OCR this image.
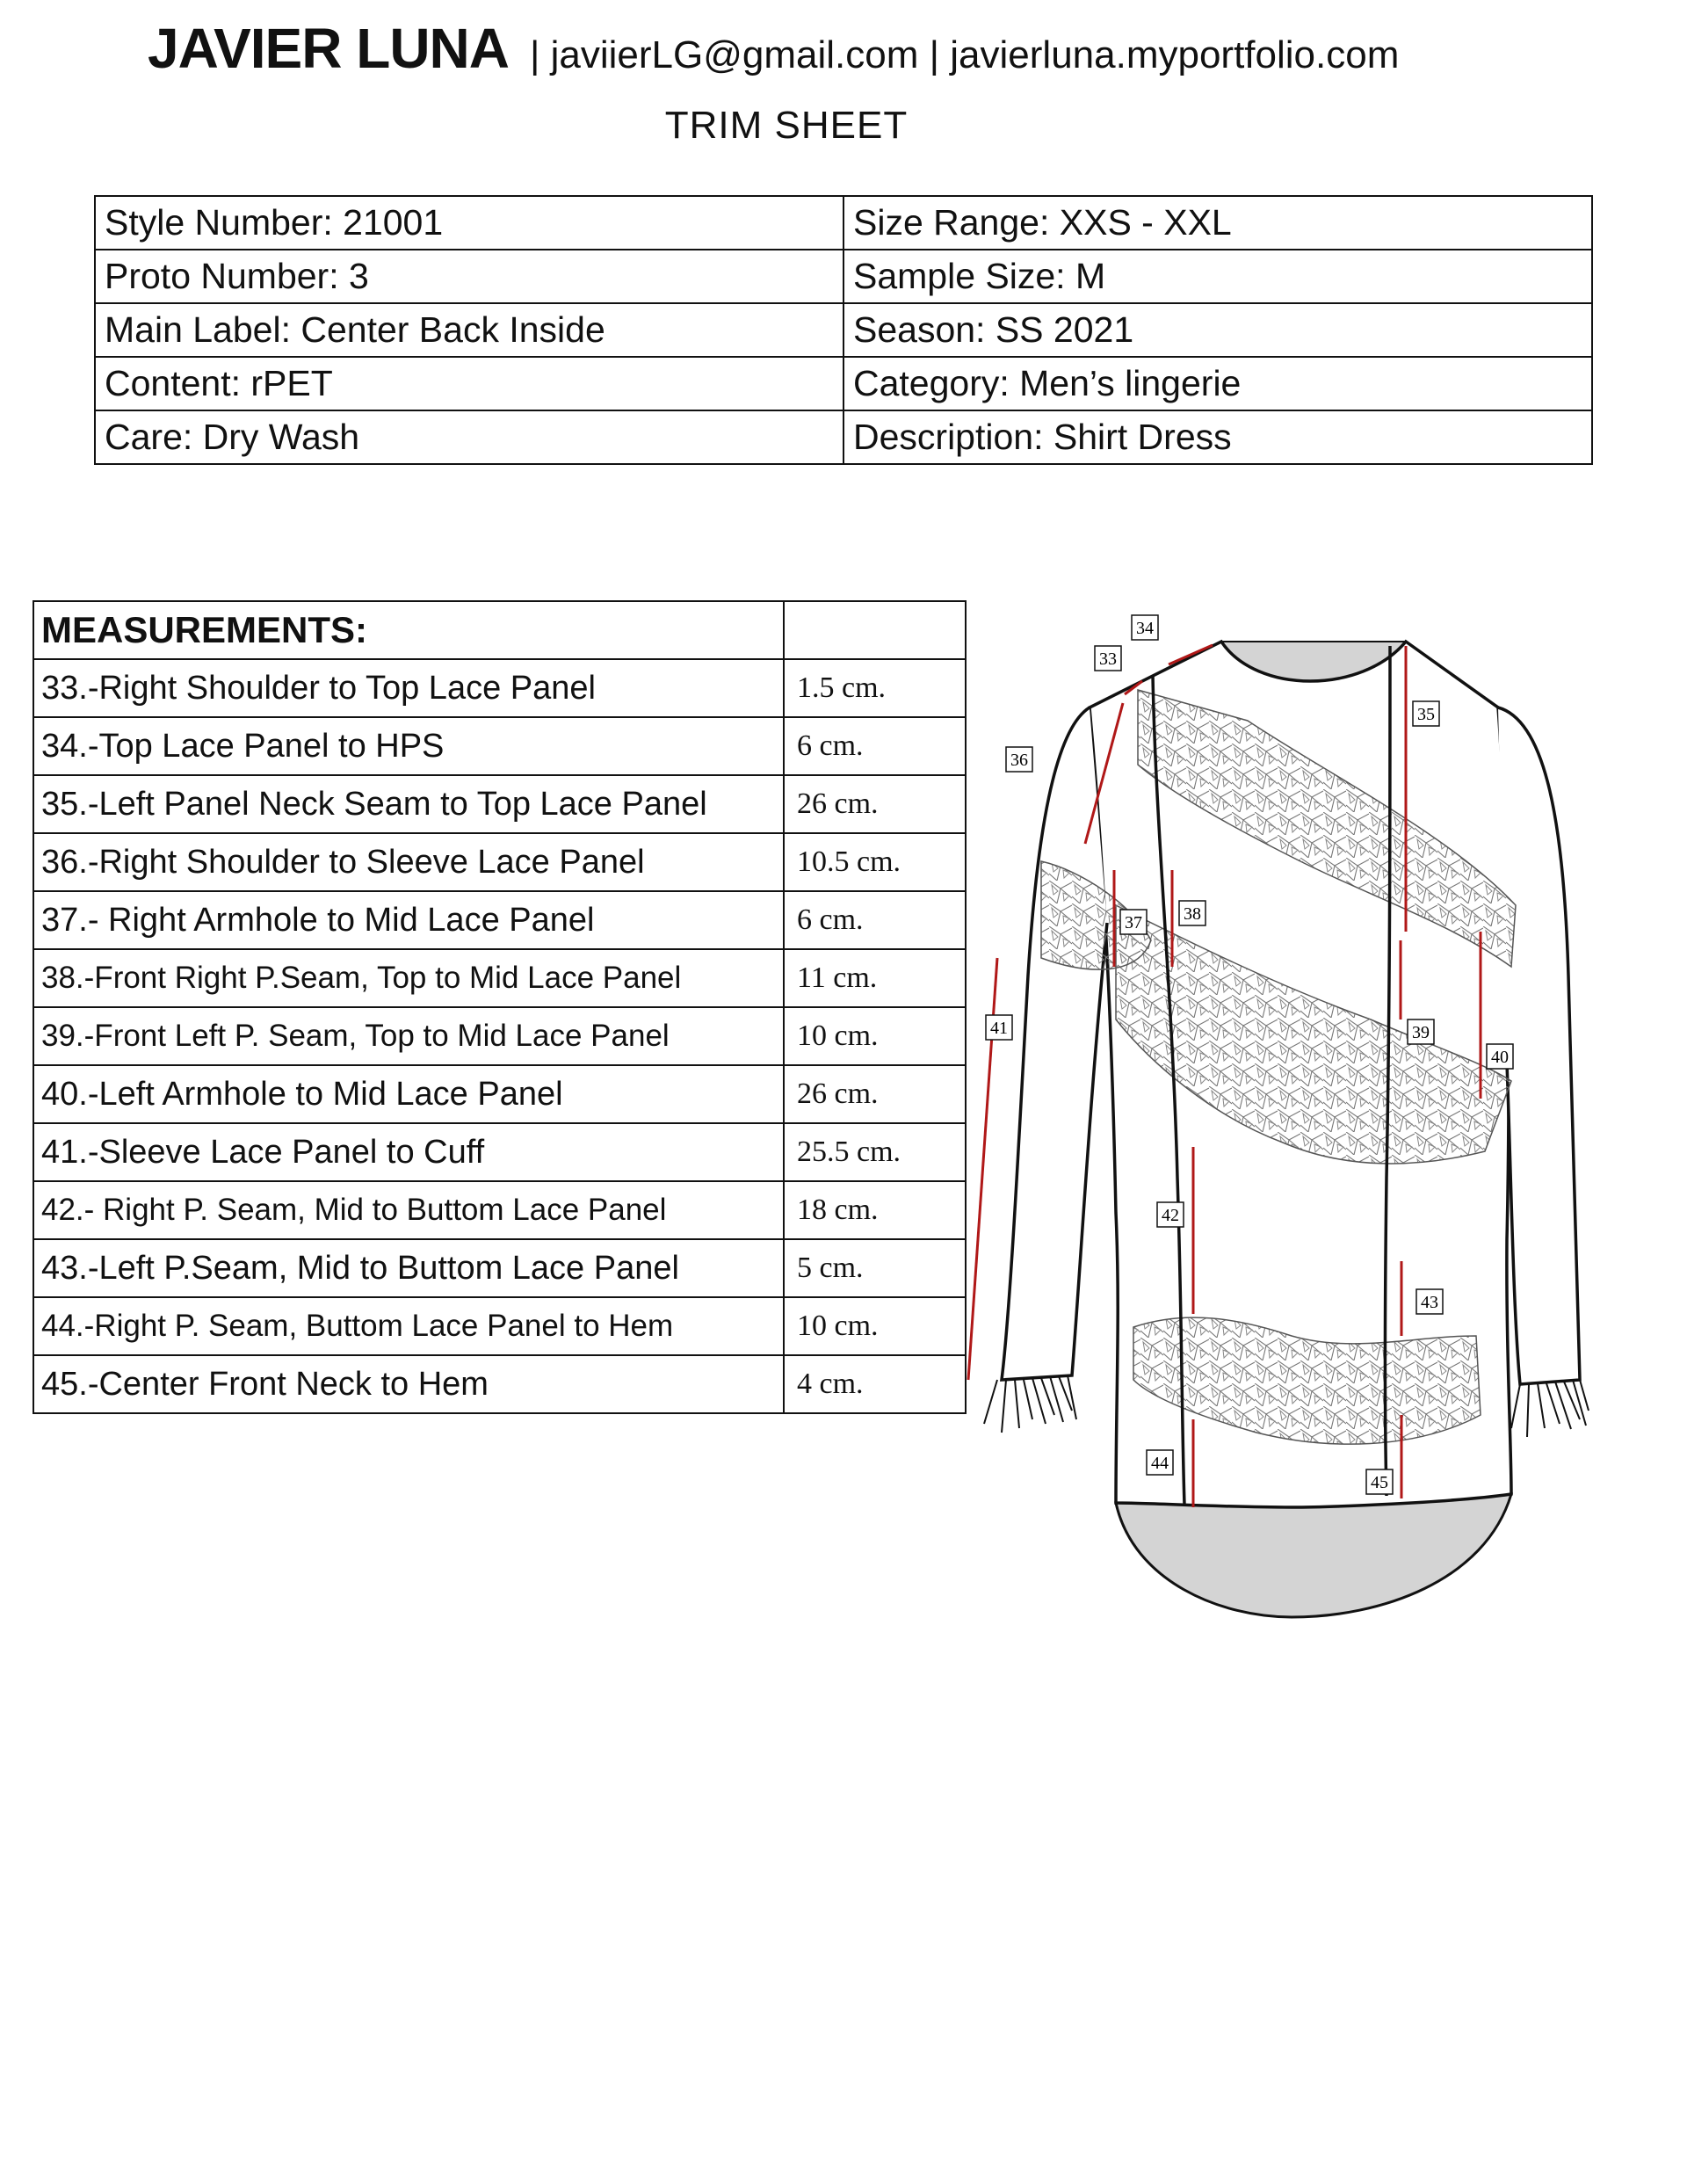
JAVIER LUNA | javiierLG@gmail.com | javierluna.myportfolio.com
TRIM SHEET
Style Number: 21001	Size Range: XXS - XXL
Proto Number: 3	Sample Size: M
Main Label: Center Back Inside	Season: SS 2021
Content: rPET	Category: Men’s lingerie
Care: Dry Wash	Description: Shirt Dress
MEASUREMENTS:	
33.-Right Shoulder to Top Lace Panel	1.5 cm.
34.-Top Lace Panel to HPS	6 cm.
35.-Left Panel Neck Seam to Top Lace Panel	26 cm.
36.-Right Shoulder to Sleeve Lace Panel	10.5 cm.
37.- Right Armhole to Mid Lace Panel	6 cm.
38.-Front Right P.Seam, Top to Mid Lace Panel	11 cm.
39.-Front Left P. Seam, Top to Mid Lace Panel	10 cm.
40.-Left Armhole to Mid Lace Panel	26 cm.
41.-Sleeve Lace Panel to Cuff	25.5 cm.
42.- Right P. Seam, Mid to Buttom Lace Panel	18 cm.
43.-Left P.Seam, Mid to Buttom Lace Panel	5 cm.
44.-Right P. Seam, Buttom Lace Panel to Hem	10 cm.
45.-Center Front Neck to Hem	4 cm.
33
34
35
36
37 38
39
40
41
42
43
44
45
